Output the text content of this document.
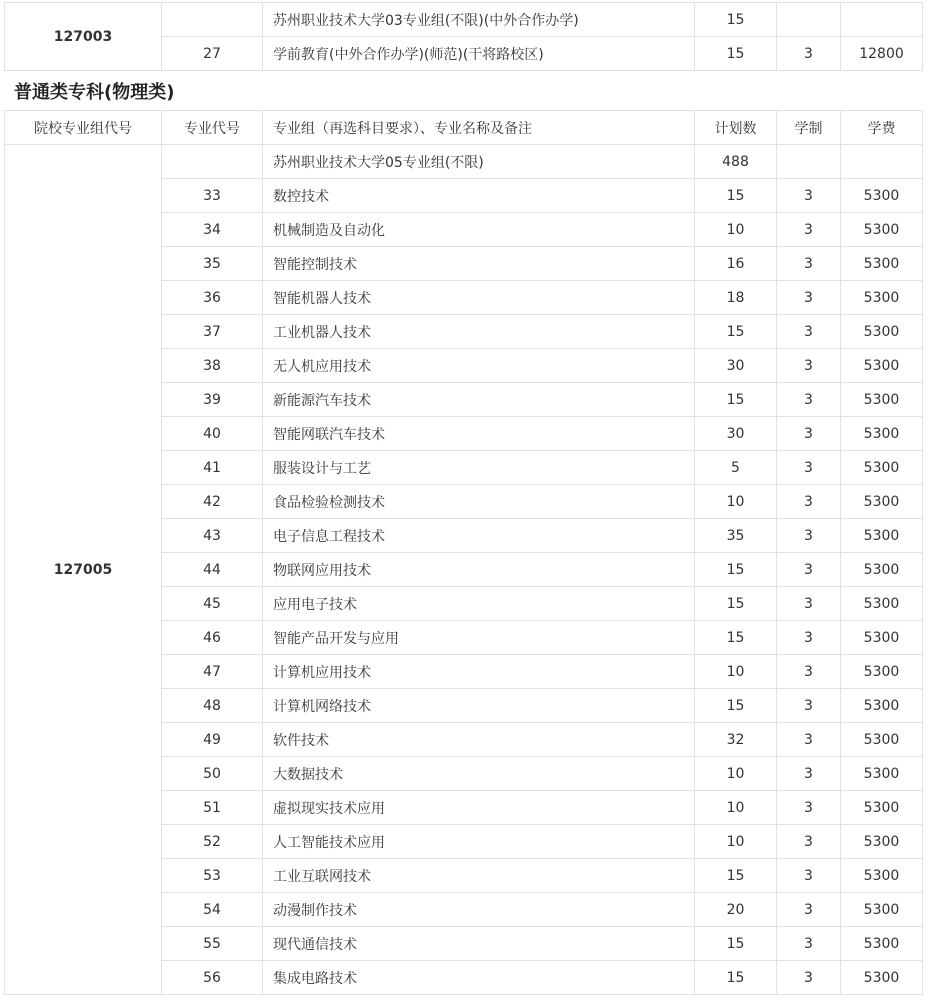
127003		苏州职业技术大学03专业组(不限)(中外合作办学)	15		
	27	学前教育(中外合作办学)(师范)(干将路校区)	15	3	12800
普通类专科(物理类)
院校专业组代号	专业代号	专业组（再选科目要求）、专业名称及备注	计划数	学制	学费
127005		苏州职业技术大学05专业组(不限)	488		
	33	数控技术	15	3	5300
	34	机械制造及自动化	10	3	5300
	35	智能控制技术	16	3	5300
	36	智能机器人技术	18	3	5300
	37	工业机器人技术	15	3	5300
	38	无人机应用技术	30	3	5300
	39	新能源汽车技术	15	3	5300
	40	智能网联汽车技术	30	3	5300
	41	服装设计与工艺	5	3	5300
	42	食品检验检测技术	10	3	5300
	43	电子信息工程技术	35	3	5300
	44	物联网应用技术	15	3	5300
	45	应用电子技术	15	3	5300
	46	智能产品开发与应用	15	3	5300
	47	计算机应用技术	10	3	5300
	48	计算机网络技术	15	3	5300
	49	软件技术	32	3	5300
	50	大数据技术	10	3	5300
	51	虚拟现实技术应用	10	3	5300
	52	人工智能技术应用	10	3	5300
	53	工业互联网技术	15	3	5300
	54	动漫制作技术	20	3	5300
	55	现代通信技术	15	3	5300
	56	集成电路技术	15	3	5300
